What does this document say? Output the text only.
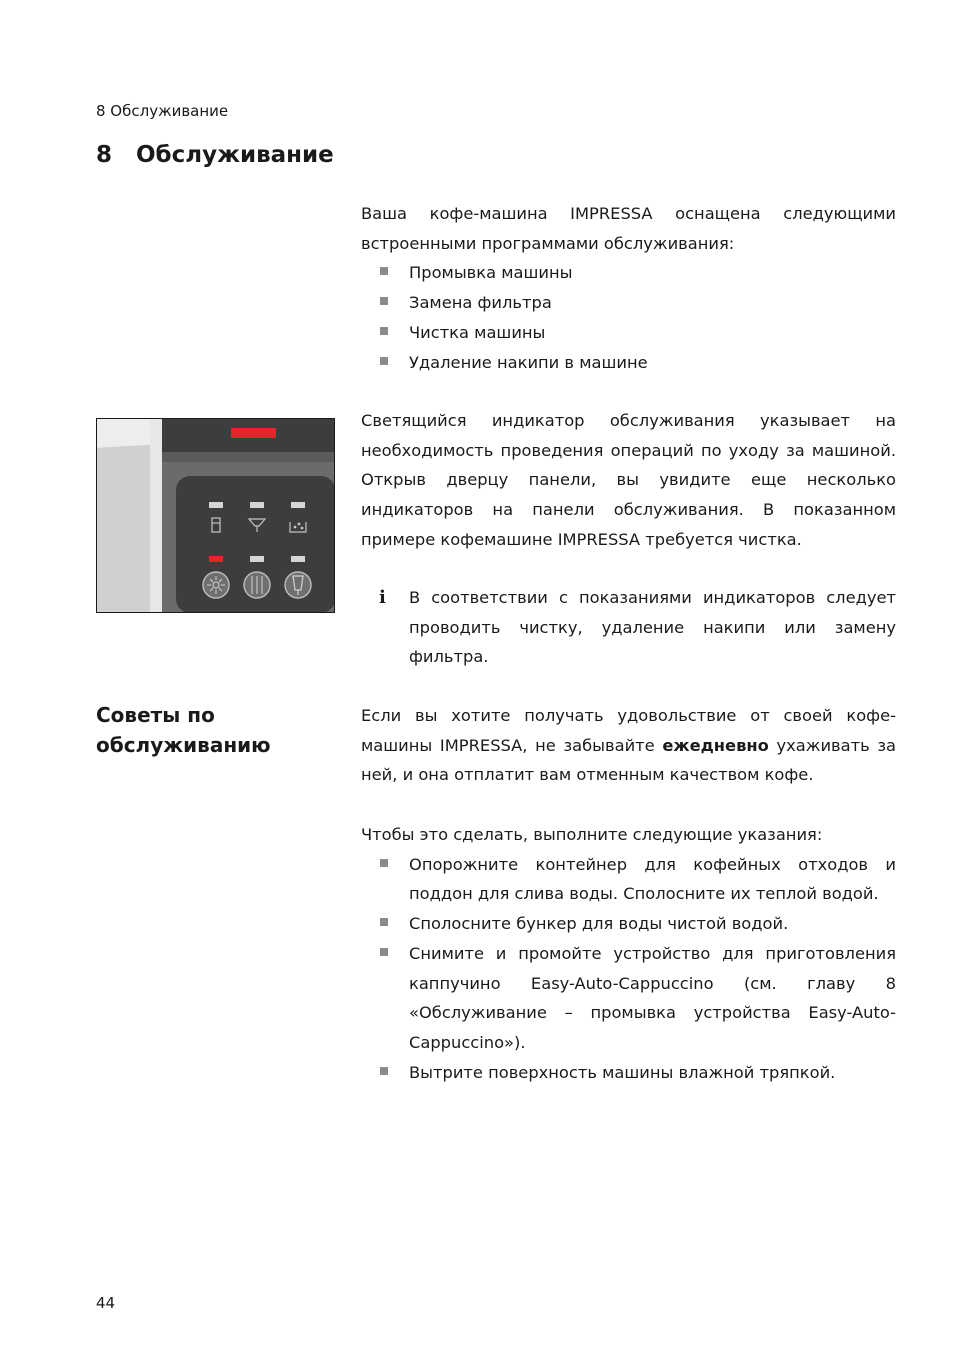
8 Обслуживание
8 Обслуживание

Ваша кофе-машина IMPRESSA оснащена следующими встроенными программами обслуживания:

Промывка машины
Замена фильтра
Чистка машины
Удаление накипи в машине

Светящийся индикатор обслуживания указывает на необходимость проведения операций по уходу за машиной. Открыв дверцу панели, вы увидите еще несколько индикаторов на панели обслуживания. В показанном примере кофемашине IMPRESSA требуется чистка.

i	В соответствии с показаниями индикаторов следует проводить чистку, удаление накипи или замену фильтра.

Советы по обслуживанию

Если вы хотите получать удовольствие от своей кофе-машины IMPRESSA, не забывайте ежедневно ухаживать за ней, и она отплатит вам отменным качеством кофе.

Чтобы это сделать, выполните следующие указания:

Опорожните контейнер для кофейных отходов и поддон для слива воды. Сполосните их теплой водой.
Сполосните бункер для воды чистой водой.
Снимите и промойте устройство для приготовления каппучино Easy-Auto-Cappuccino (см. главу 8 «Обслуживание – промывка устройства Easy-Auto-Cappuccino»).
Вытрите поверхность машины влажной тряпкой.
44
